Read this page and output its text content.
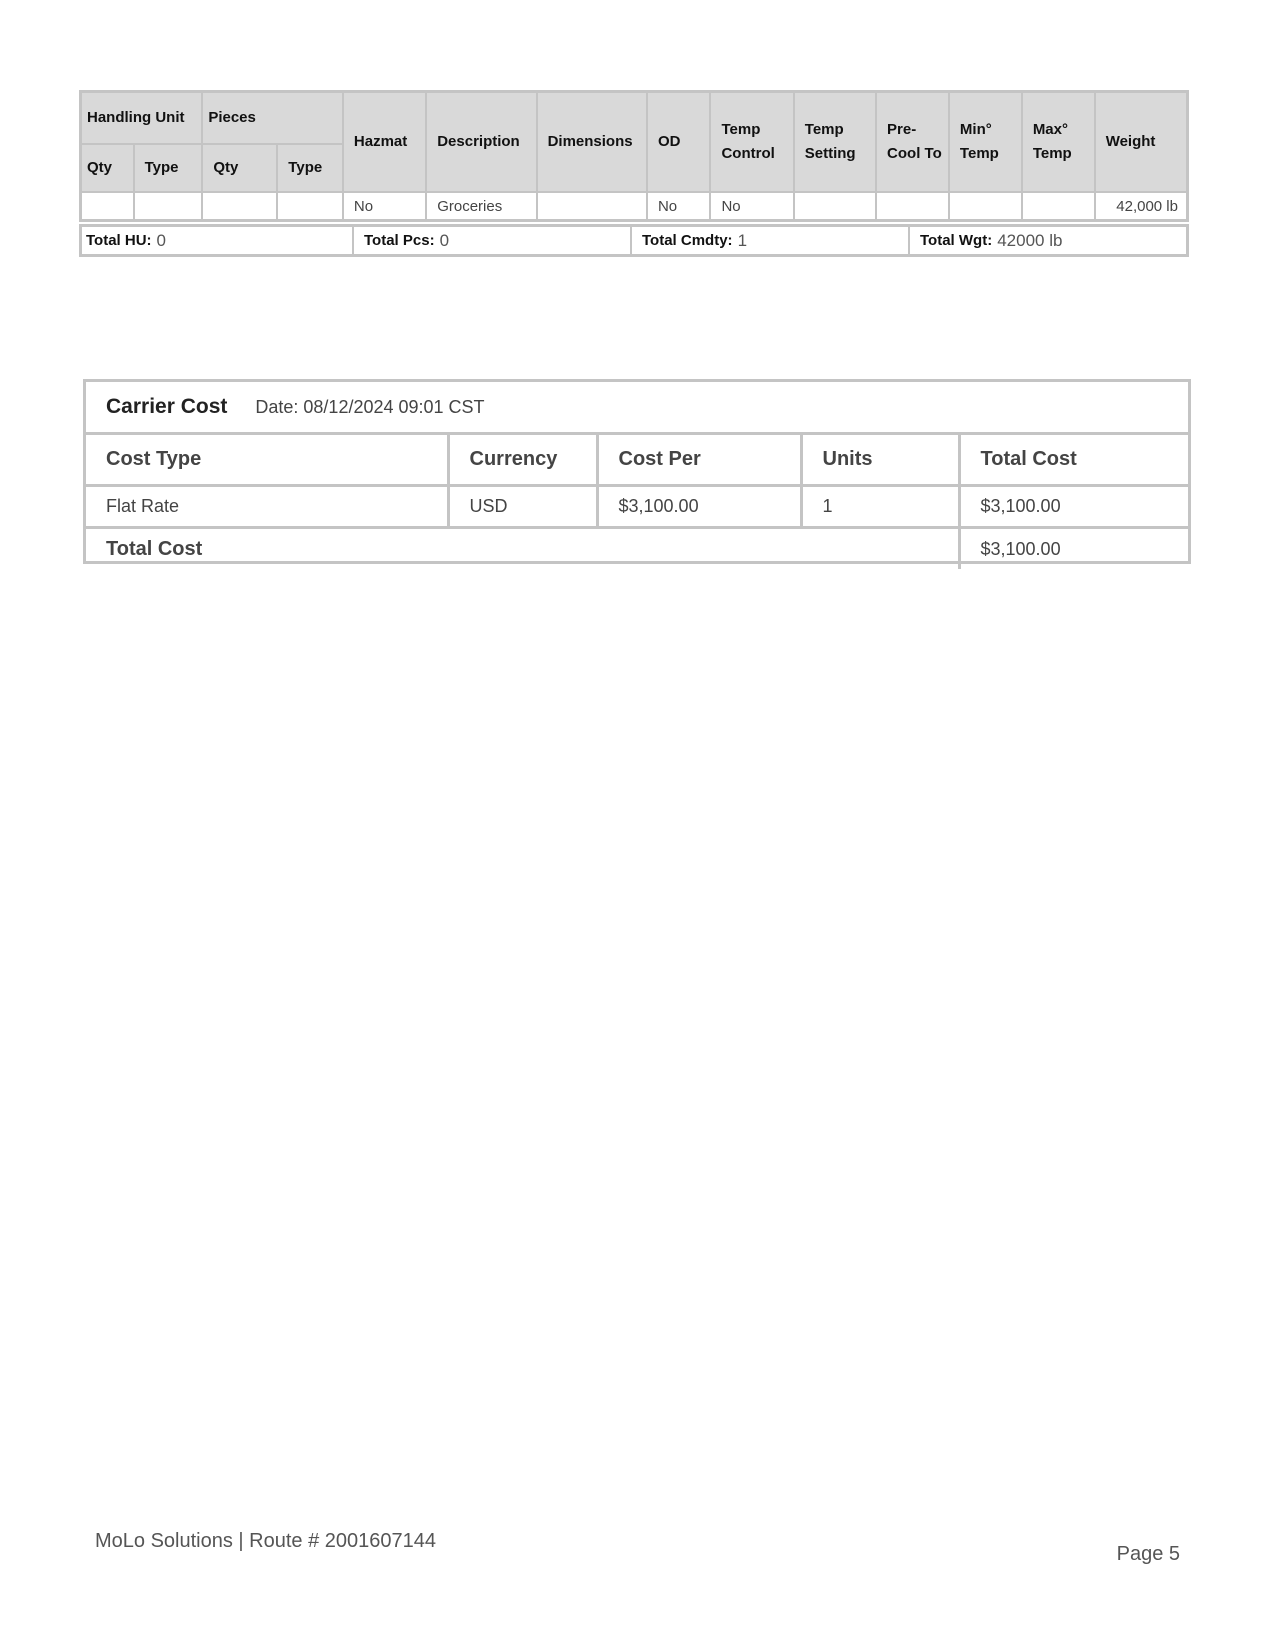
Handling Unit		Pieces		Hazmat	Description	Dimensions	OD	Temp Control	Temp Setting	Pre-Cool To	Min° Temp	Max° Temp	Weight
Qty	Type	Qty	Type										
				No	Groceries		No	No					42,000 lb
Total HU: 0	Total Pcs: 0	Total Cmdty: 1	Total Wgt: 42000 lb
Carrier Cost Date: 08/12/2024 09:01 CST
Cost Type	Currency	Cost Per	Units	Total Cost
Flat Rate	USD	$3,100.00	1	$3,100.00
Total Cost				$3,100.00
MoLo Solutions | Route # 2001607144
Page 5
